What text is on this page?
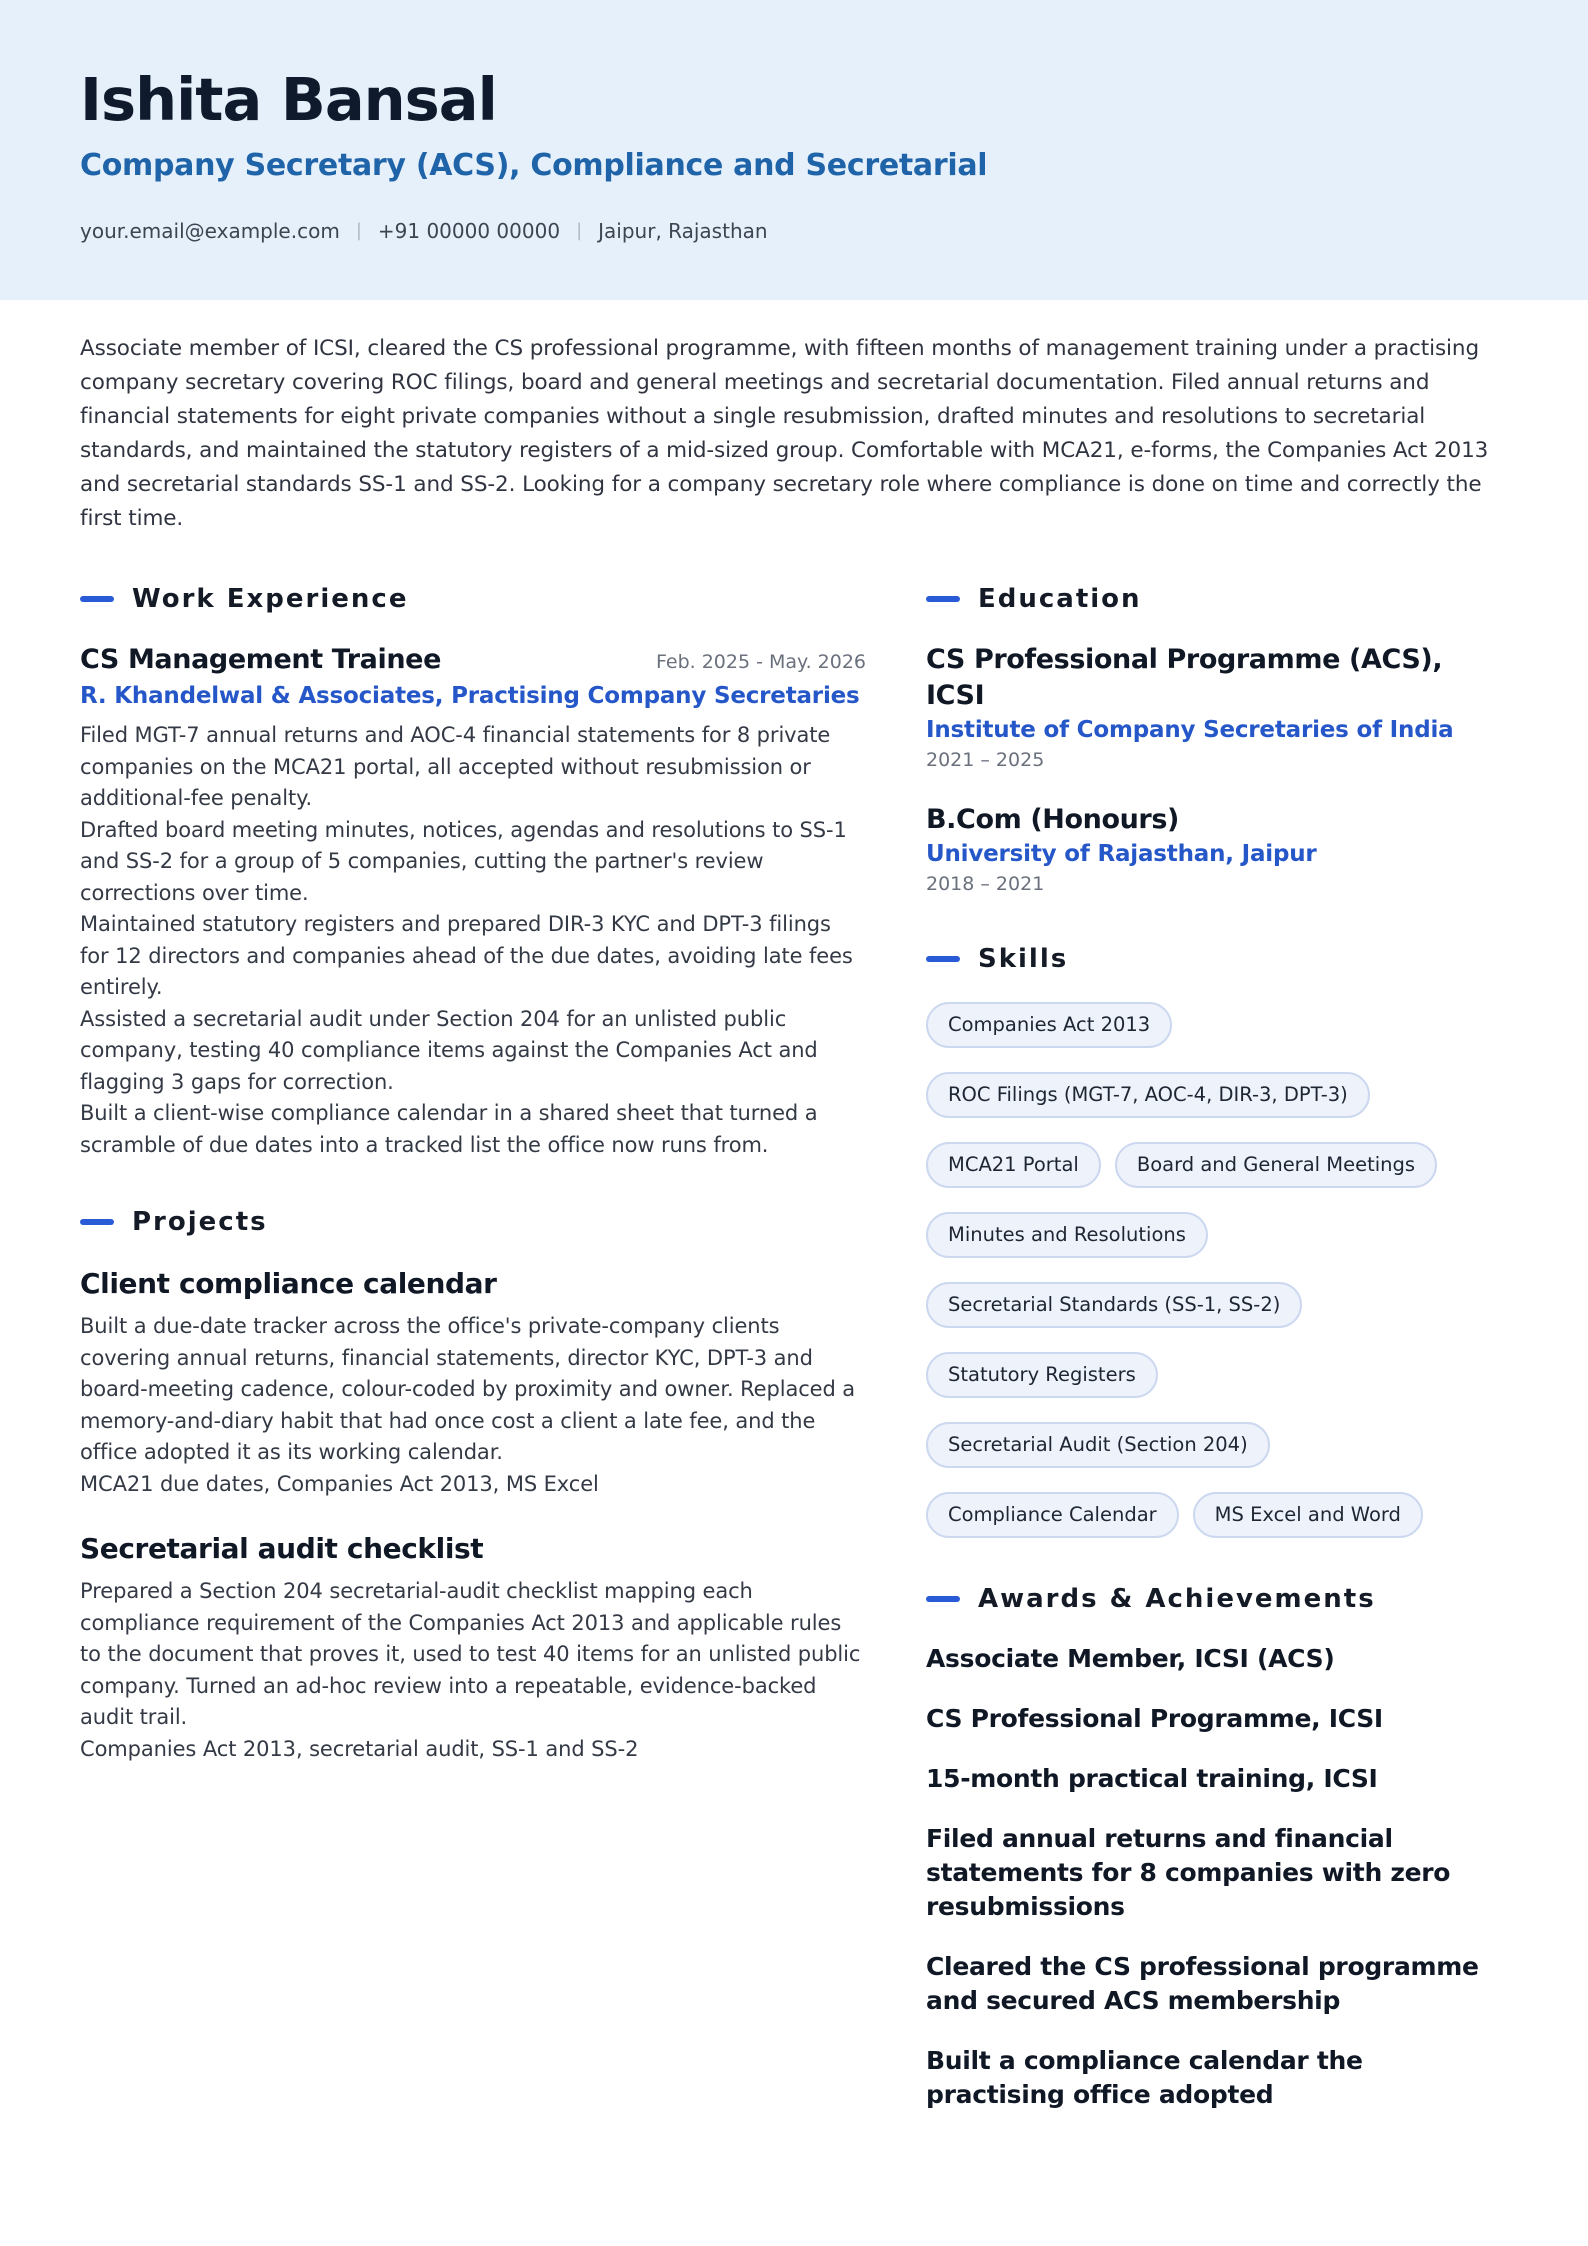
Ishita Bansal
Company Secretary (ACS), Compliance and Secretarial
your.email@example.com | +91 00000 00000 | Jaipur, Rajasthan
Associate member of ICSI, cleared the CS professional programme, with fifteen months of management training under a practising company secretary covering ROC filings, board and general meetings and secretarial documentation. Filed annual returns and financial statements for eight private companies without a single resubmission, drafted minutes and resolutions to secretarial standards, and maintained the statutory registers of a mid-sized group. Comfortable with MCA21, e-forms, the Companies Act 2013 and secretarial standards SS-1 and SS-2. Looking for a company secretary role where compliance is done on time and correctly the first time.
Work Experience
CS Management Trainee	Feb. 2025 - May. 2026
R. Khandelwal & Associates, Practising Company Secretaries

Filed MGT-7 annual returns and AOC-4 financial statements for 8 private companies on the MCA21 portal, all accepted without resubmission or additional-fee penalty.

Drafted board meeting minutes, notices, agendas and resolutions to SS-1 and SS-2 for a group of 5 companies, cutting the partner's review corrections over time.

Maintained statutory registers and prepared DIR-3 KYC and DPT-3 filings for 12 directors and companies ahead of the due dates, avoiding late fees entirely.

Assisted a secretarial audit under Section 204 for an unlisted public company, testing 40 compliance items against the Companies Act and flagging 3 gaps for correction.

Built a client-wise compliance calendar in a shared sheet that turned a scramble of due dates into a tracked list the office now runs from.

Projects
Client compliance calendar
Built a due-date tracker across the office's private-company clients covering annual returns, financial statements, director KYC, DPT-3 and board-meeting cadence, colour-coded by proximity and owner. Replaced a memory-and-diary habit that had once cost a client a late fee, and the office adopted it as its working calendar.
MCA21 due dates, Companies Act 2013, MS Excel
Secretarial audit checklist
Prepared a Section 204 secretarial-audit checklist mapping each compliance requirement of the Companies Act 2013 and applicable rules to the document that proves it, used to test 40 items for an unlisted public company. Turned an ad-hoc review into a repeatable, evidence-backed audit trail.
Companies Act 2013, secretarial audit, SS-1 and SS-2
Education
CS Professional Programme (ACS), ICSI
Institute of Company Secretaries of India
2021 – 2025
B.Com (Honours)
University of Rajasthan, Jaipur
2018 – 2021
Skills
Companies Act 2013
ROC Filings (MGT-7, AOC-4, DIR-3, DPT-3)
MCA21 Portal	Board and General Meetings
Minutes and Resolutions
Secretarial Standards (SS-1, SS-2)
Statutory Registers
Secretarial Audit (Section 204)
Compliance Calendar	MS Excel and Word
Awards & Achievements
Associate Member, ICSI (ACS)
CS Professional Programme, ICSI
15-month practical training, ICSI
Filed annual returns and financial statements for 8 companies with zero resubmissions
Cleared the CS professional programme and secured ACS membership
Built a compliance calendar the practising office adopted
